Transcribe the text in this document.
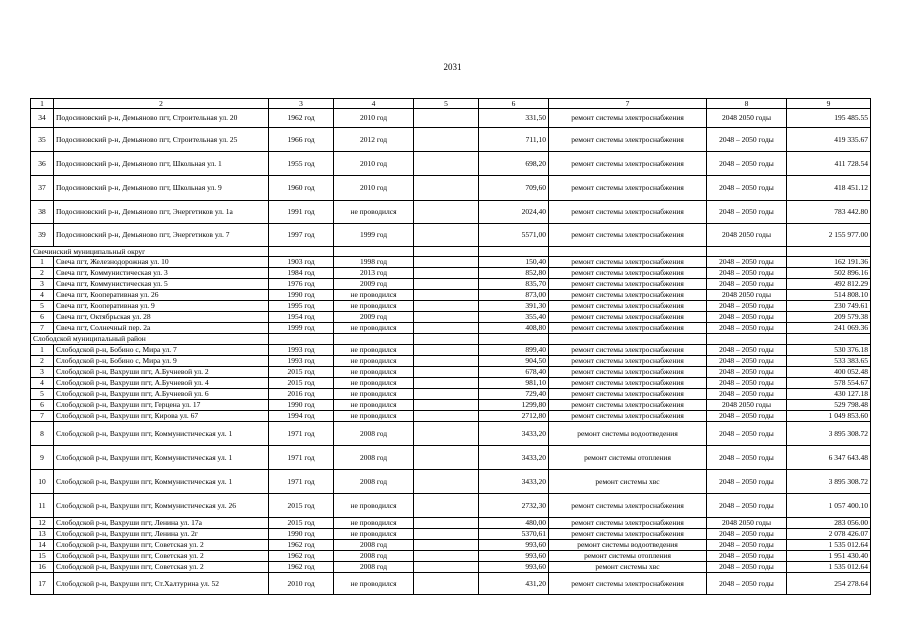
2031
1	2	3	4	5	6	7	8	9
34	Подосиновский р-н, Демьяново пгт, Строительная ул. 20	1962 год	2010 год		331,50	ремонт системы электроснабжения	2048 2050 годы	195 485.55
35	Подосиновский р-н, Демьяново пгт, Строительная ул. 25	1966 год	2012 год		711,10	ремонт системы электроснабжения	2048 – 2050 годы	419 335.67
36	Подосиновский р-н, Демьяново пгт, Школьная ул. 1	1955 год	2010 год		698,20	ремонт системы электроснабжения	2048 – 2050 годы	411 728.54
37	Подосиновский р-н, Демьяново пгт, Школьная ул. 9	1960 год	2010 год		709,60	ремонт системы электроснабжения	2048 – 2050 годы	418 451.12
38	Подосиновский р-н, Демьяново пгт, Энергетиков ул. 1а	1991 год	не проводился		2024,40	ремонт системы электроснабжения	2048 – 2050 годы	783 442.80
39	Подосиновский р-н, Демьяново пгт, Энергетиков ул. 7	1997 год	1999 год		5571,00	ремонт системы электроснабжения	2048 2050 годы	2 155 977.00
Свечинский муниципальный округ								
1	Свеча пгт, Железнодорожная ул. 10	1903 год	1998 год		150,40	ремонт системы электроснабжения	2048 – 2050 годы	162 191.36
2	Свеча пгт, Коммунистическая ул. 3	1984 год	2013 год		852,80	ремонт системы электроснабжения	2048 – 2050 годы	502 896.16
3	Свеча пгт, Коммунистическая ул. 5	1976 год	2009 год		835,70	ремонт системы электроснабжения	2048 – 2050 годы	492 812.29
4	Свеча пгт, Кооперативная ул. 26	1990 год	не проводился		873,00	ремонт системы электроснабжения	2048 2050 годы	514 808.10
5	Свеча пгт, Кооперативная ул. 9	1995 год	не проводился		391,30	ремонт системы электроснабжения	2048 – 2050 годы	230 749.61
6	Свеча пгт, Октябрьская ул. 28	1954 год	2009 год		355,40	ремонт системы электроснабжения	2048 – 2050 годы	209 579.38
7	Свеча пгт, Солнечный пер. 2а	1999 год	не проводился		408,80	ремонт системы электроснабжения	2048 – 2050 годы	241 069.36
Слободской муниципальный район								
1	Слободской р-н, Бобино с, Мира ул. 7	1993 год	не проводился		899,40	ремонт системы электроснабжения	2048 – 2050 годы	530 376.18
2	Слободской р-н, Бобино с, Мира ул. 9	1993 год	не проводился		904,50	ремонт системы электроснабжения	2048 – 2050 годы	533 383.65
3	Слободской р-н, Вахруши пгт, А.Бучневой ул. 2	2015 год	не проводился		678,40	ремонт системы электроснабжения	2048 – 2050 годы	400 052.48
4	Слободской р-н, Вахруши пгт, А.Бучневой ул. 4	2015 год	не проводился		981,10	ремонт системы электроснабжения	2048 – 2050 годы	578 554.67
5	Слободской р-н, Вахруши пгт, А.Бучневой ул. 6	2016 год	не проводился		729,40	ремонт системы электроснабжения	2048 – 2050 годы	430 127.18
6	Слободской р-н, Вахруши пгт, Герцена ул. 17	1990 год	не проводился		1299,80	ремонт системы электроснабжения	2048 2050 годы	529 798.48
7	Слободской р-н, Вахруши пгт, Кирова ул. 67	1994 год	не проводился		2712,80	ремонт системы электроснабжения	2048 – 2050 годы	1 049 853.60
8	Слободской р-н, Вахруши пгт, Коммунистическая ул. 1	1971 год	2008 год		3433,20	ремонт системы водоотведения	2048 – 2050 годы	3 895 308.72
9	Слободской р-н, Вахруши пгт, Коммунистическая ул. 1	1971 год	2008 год		3433,20	ремонт системы отопления	2048 – 2050 годы	6 347 643.48
10	Слободской р-н, Вахруши пгт, Коммунистическая ул. 1	1971 год	2008 год		3433,20	ремонт системы хвс	2048 – 2050 годы	3 895 308.72
11	Слободской р-н, Вахруши пгт, Коммунистическая ул. 26	2015 год	не проводился		2732,30	ремонт системы электроснабжения	2048 – 2050 годы	1 057 400.10
12	Слободской р-н, Вахруши пгт, Ленина ул. 17а	2015 год	не проводился		480,00	ремонт системы электроснабжения	2048 2050 годы	283 056.00
13	Слободской р-н, Вахруши пгт, Ленина ул. 2г	1990 год	не проводился		5370,61	ремонт системы электроснабжения	2048 – 2050 годы	2 078 426.07
14	Слободской р-н, Вахруши пгт, Советская ул. 2	1962 год	2008 год		993,60	ремонт системы водоотведения	2048 – 2050 годы	1 535 012.64
15	Слободской р-н, Вахруши пгт, Советская ул. 2	1962 год	2008 год		993,60	ремонт системы отопления	2048 – 2050 годы	1 951 430.40
16	Слободской р-н, Вахруши пгт, Советская ул. 2	1962 год	2008 год		993,60	ремонт системы хвс	2048 – 2050 годы	1 535 012.64
17	Слободской р-н, Вахруши пгт, Ст.Халтурина ул. 52	2010 год	не проводился		431,20	ремонт системы электроснабжения	2048 – 2050 годы	254 278.64
